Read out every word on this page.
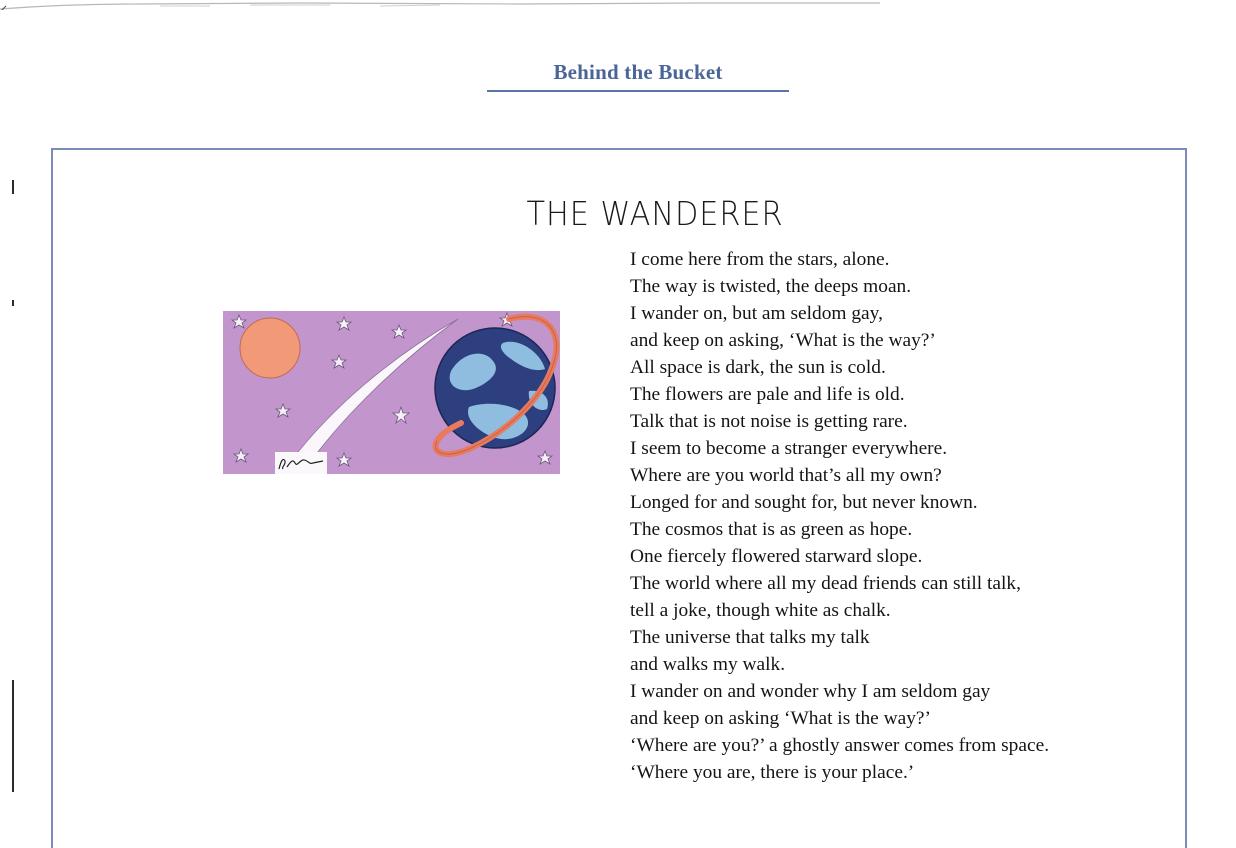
Behind the Bucket
THE WANDERER
I come here from the stars, alone.
The way is twisted, the deeps moan.
I wander on, but am seldom gay,
and keep on asking, ‘What is the way?’
All space is dark, the sun is cold.
The flowers are pale and life is old.
Talk that is not noise is getting rare.
I seem to become a stranger everywhere.
Where are you world that’s all my own?
Longed for and sought for, but never known.
The cosmos that is as green as hope.
One fiercely flowered starward slope.
The world where all my dead friends can still talk,
tell a joke, though white as chalk.
The universe that talks my talk
and walks my walk.
I wander on and wonder why I am seldom gay
and keep on asking ‘What is the way?’
‘Where are you?’ a ghostly answer comes from space.
‘Where you are, there is your place.’
